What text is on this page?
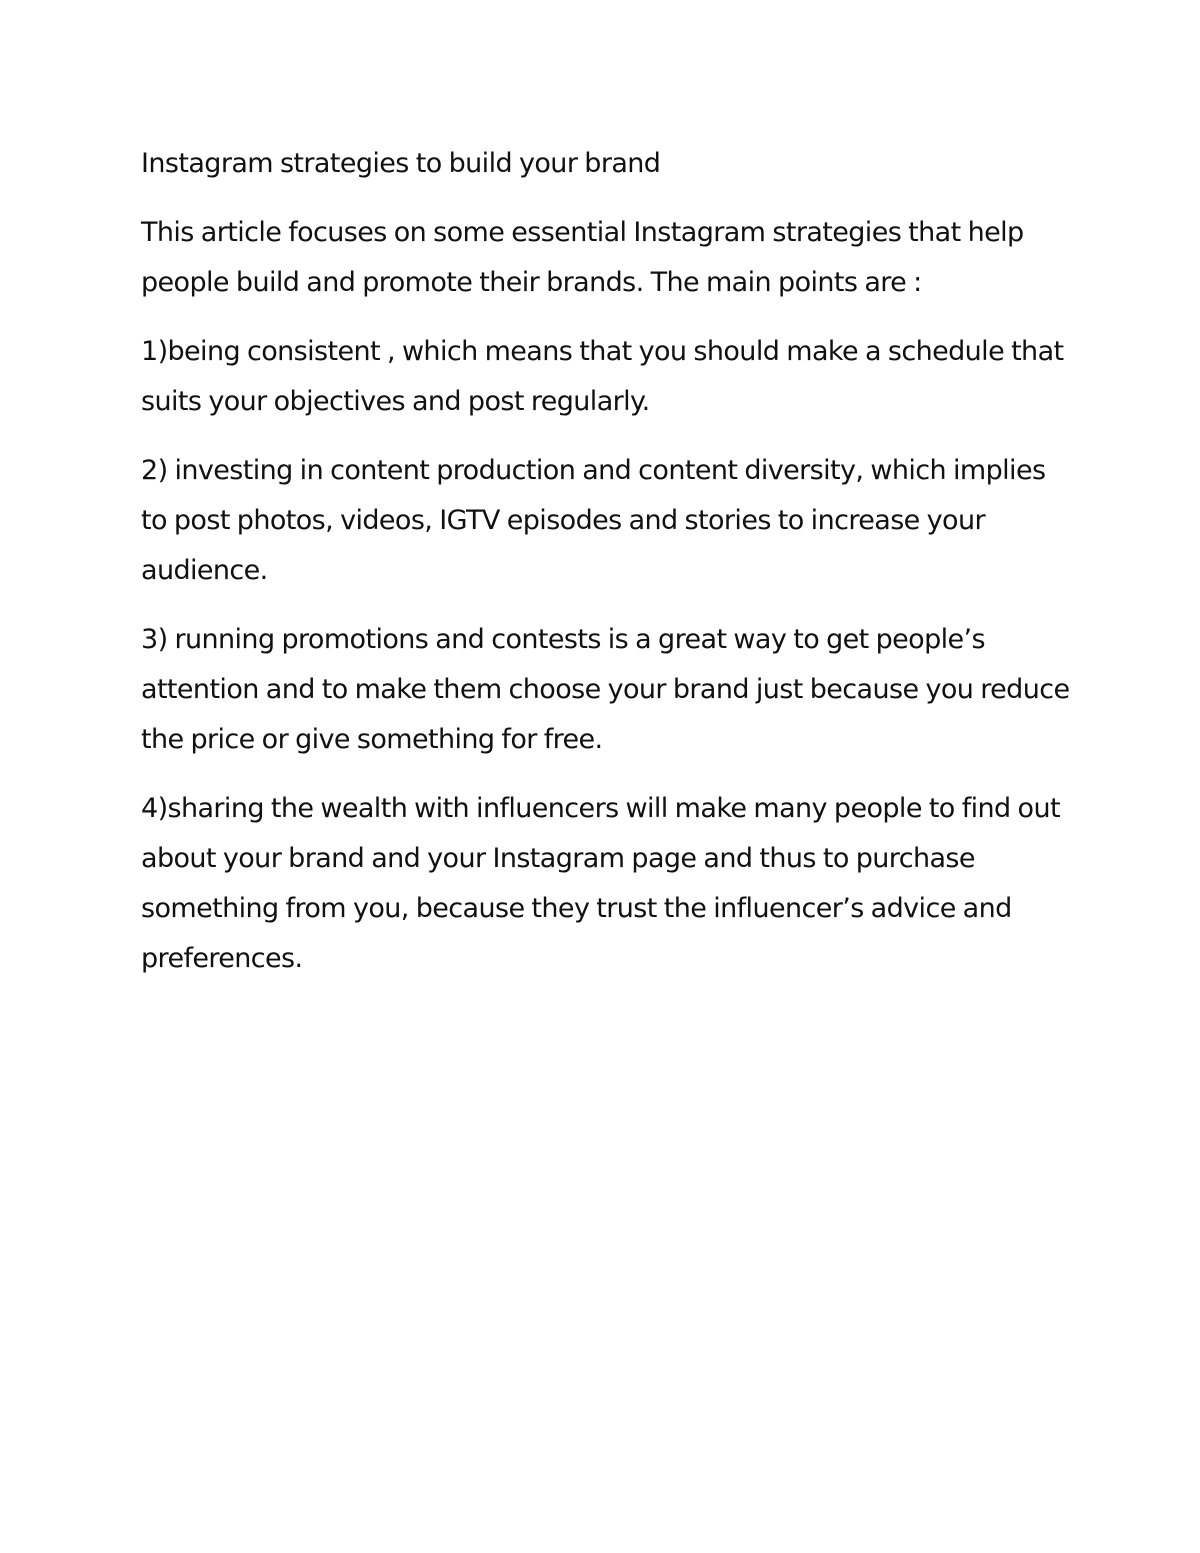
Instagram strategies to build your brand

This article focuses on some essential Instagram strategies that help people build and promote their brands. The main points are :

1)being consistent , which means that you should make a schedule that suits your objectives and post regularly.

2) investing in content production and content diversity, which implies to post photos, videos, IGTV episodes and stories to increase your audience.

3) running promotions and contests is a great way to get people’s attention and to make them choose your brand just because you reduce the price or give something for free.

4)sharing the wealth with influencers will make many people to find out about your brand and your Instagram page and thus to purchase something from you, because they trust the influencer’s advice and preferences.
